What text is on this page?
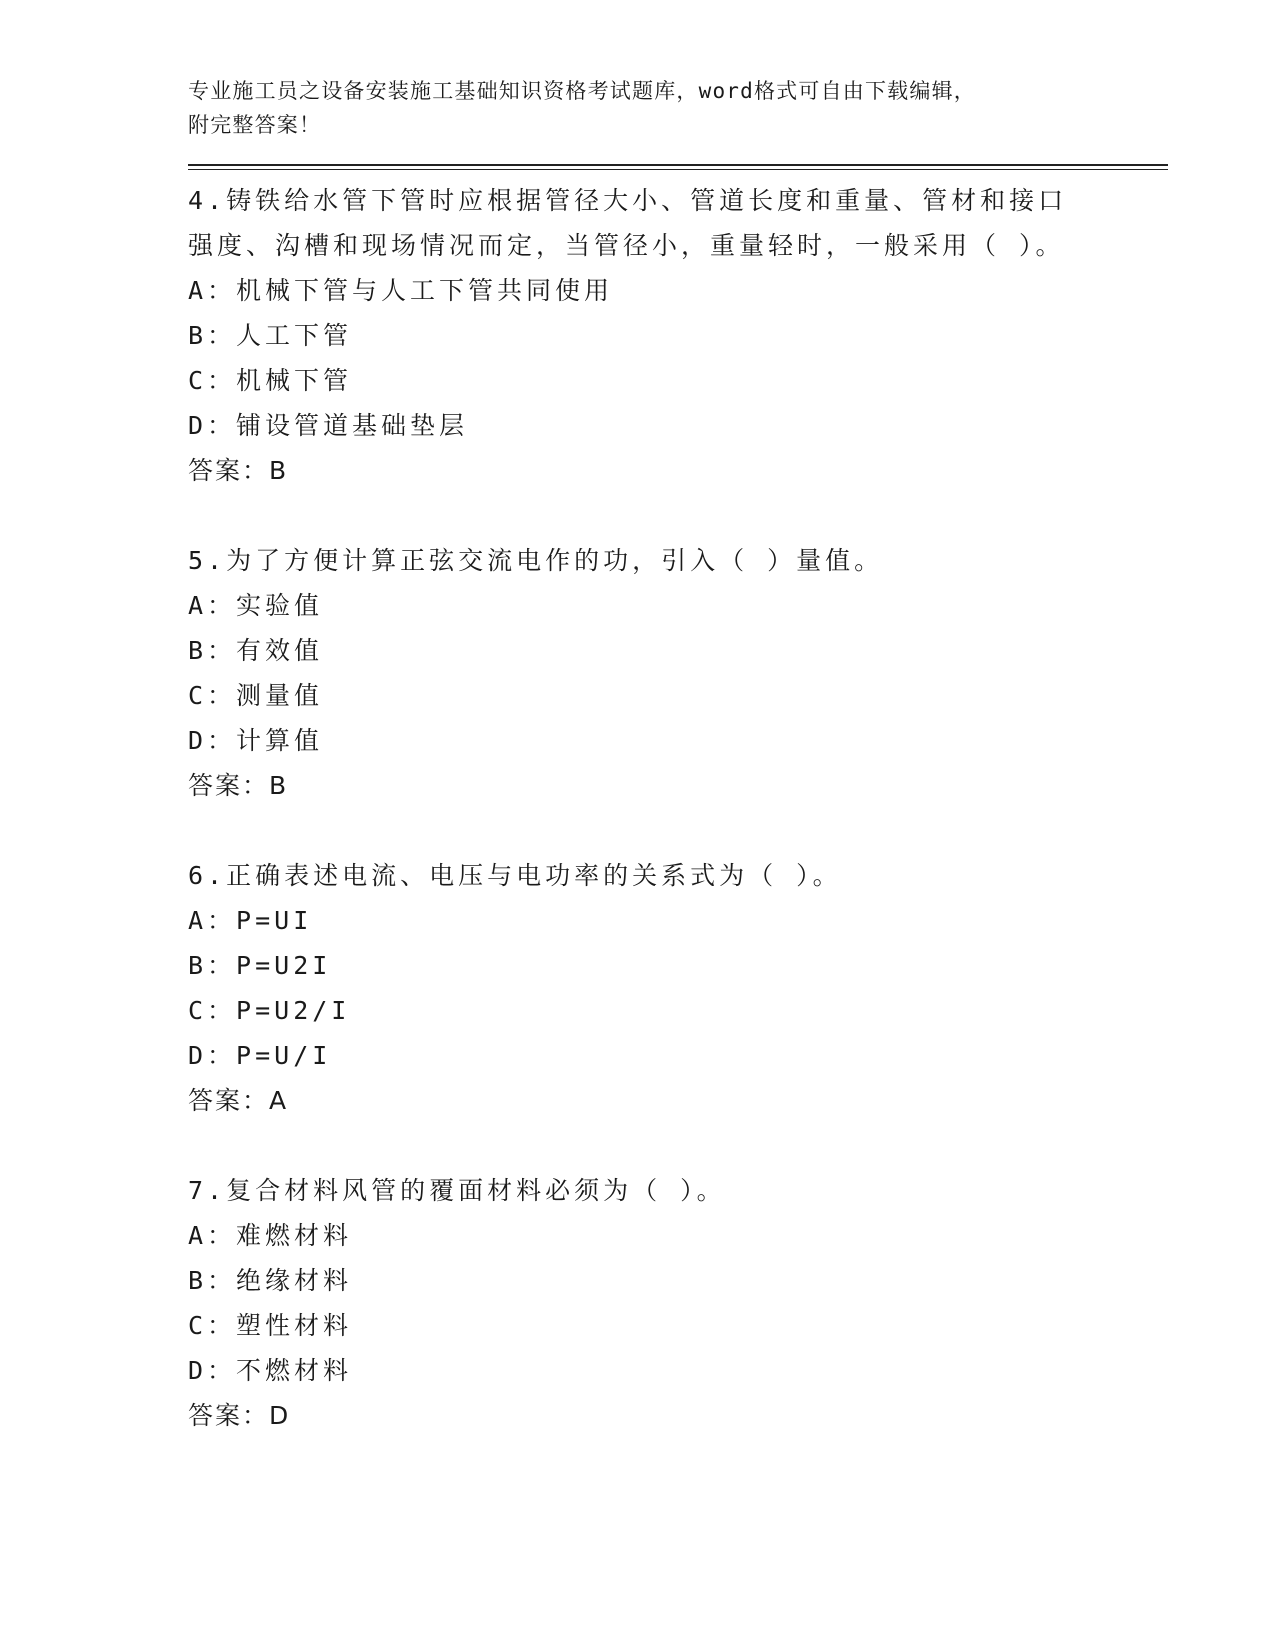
专业施工员之设备安装施工基础知识资格考试题库，word格式可自由下载编辑，

附完整答案！

4.铸铁给水管下管时应根据管径大小、管道长度和重量、管材和接口

强度、沟槽和现场情况而定，当管径小，重量轻时，一般采用（ ）。

A：机械下管与人工下管共同使用

B：人工下管

C：机械下管

D：铺设管道基础垫层

答案：B

5.为了方便计算正弦交流电作的功，引入（ ）量值。

A：实验值

B：有效值

C：测量值

D：计算值

答案：B

6.正确表述电流、电压与电功率的关系式为（ ）。

A：P=UI

B：P=U2I

C：P=U2/I

D：P=U/I

答案：A

7.复合材料风管的覆面材料必须为（ ）。

A：难燃材料

B：绝缘材料

C：塑性材料

D：不燃材料

答案：D
